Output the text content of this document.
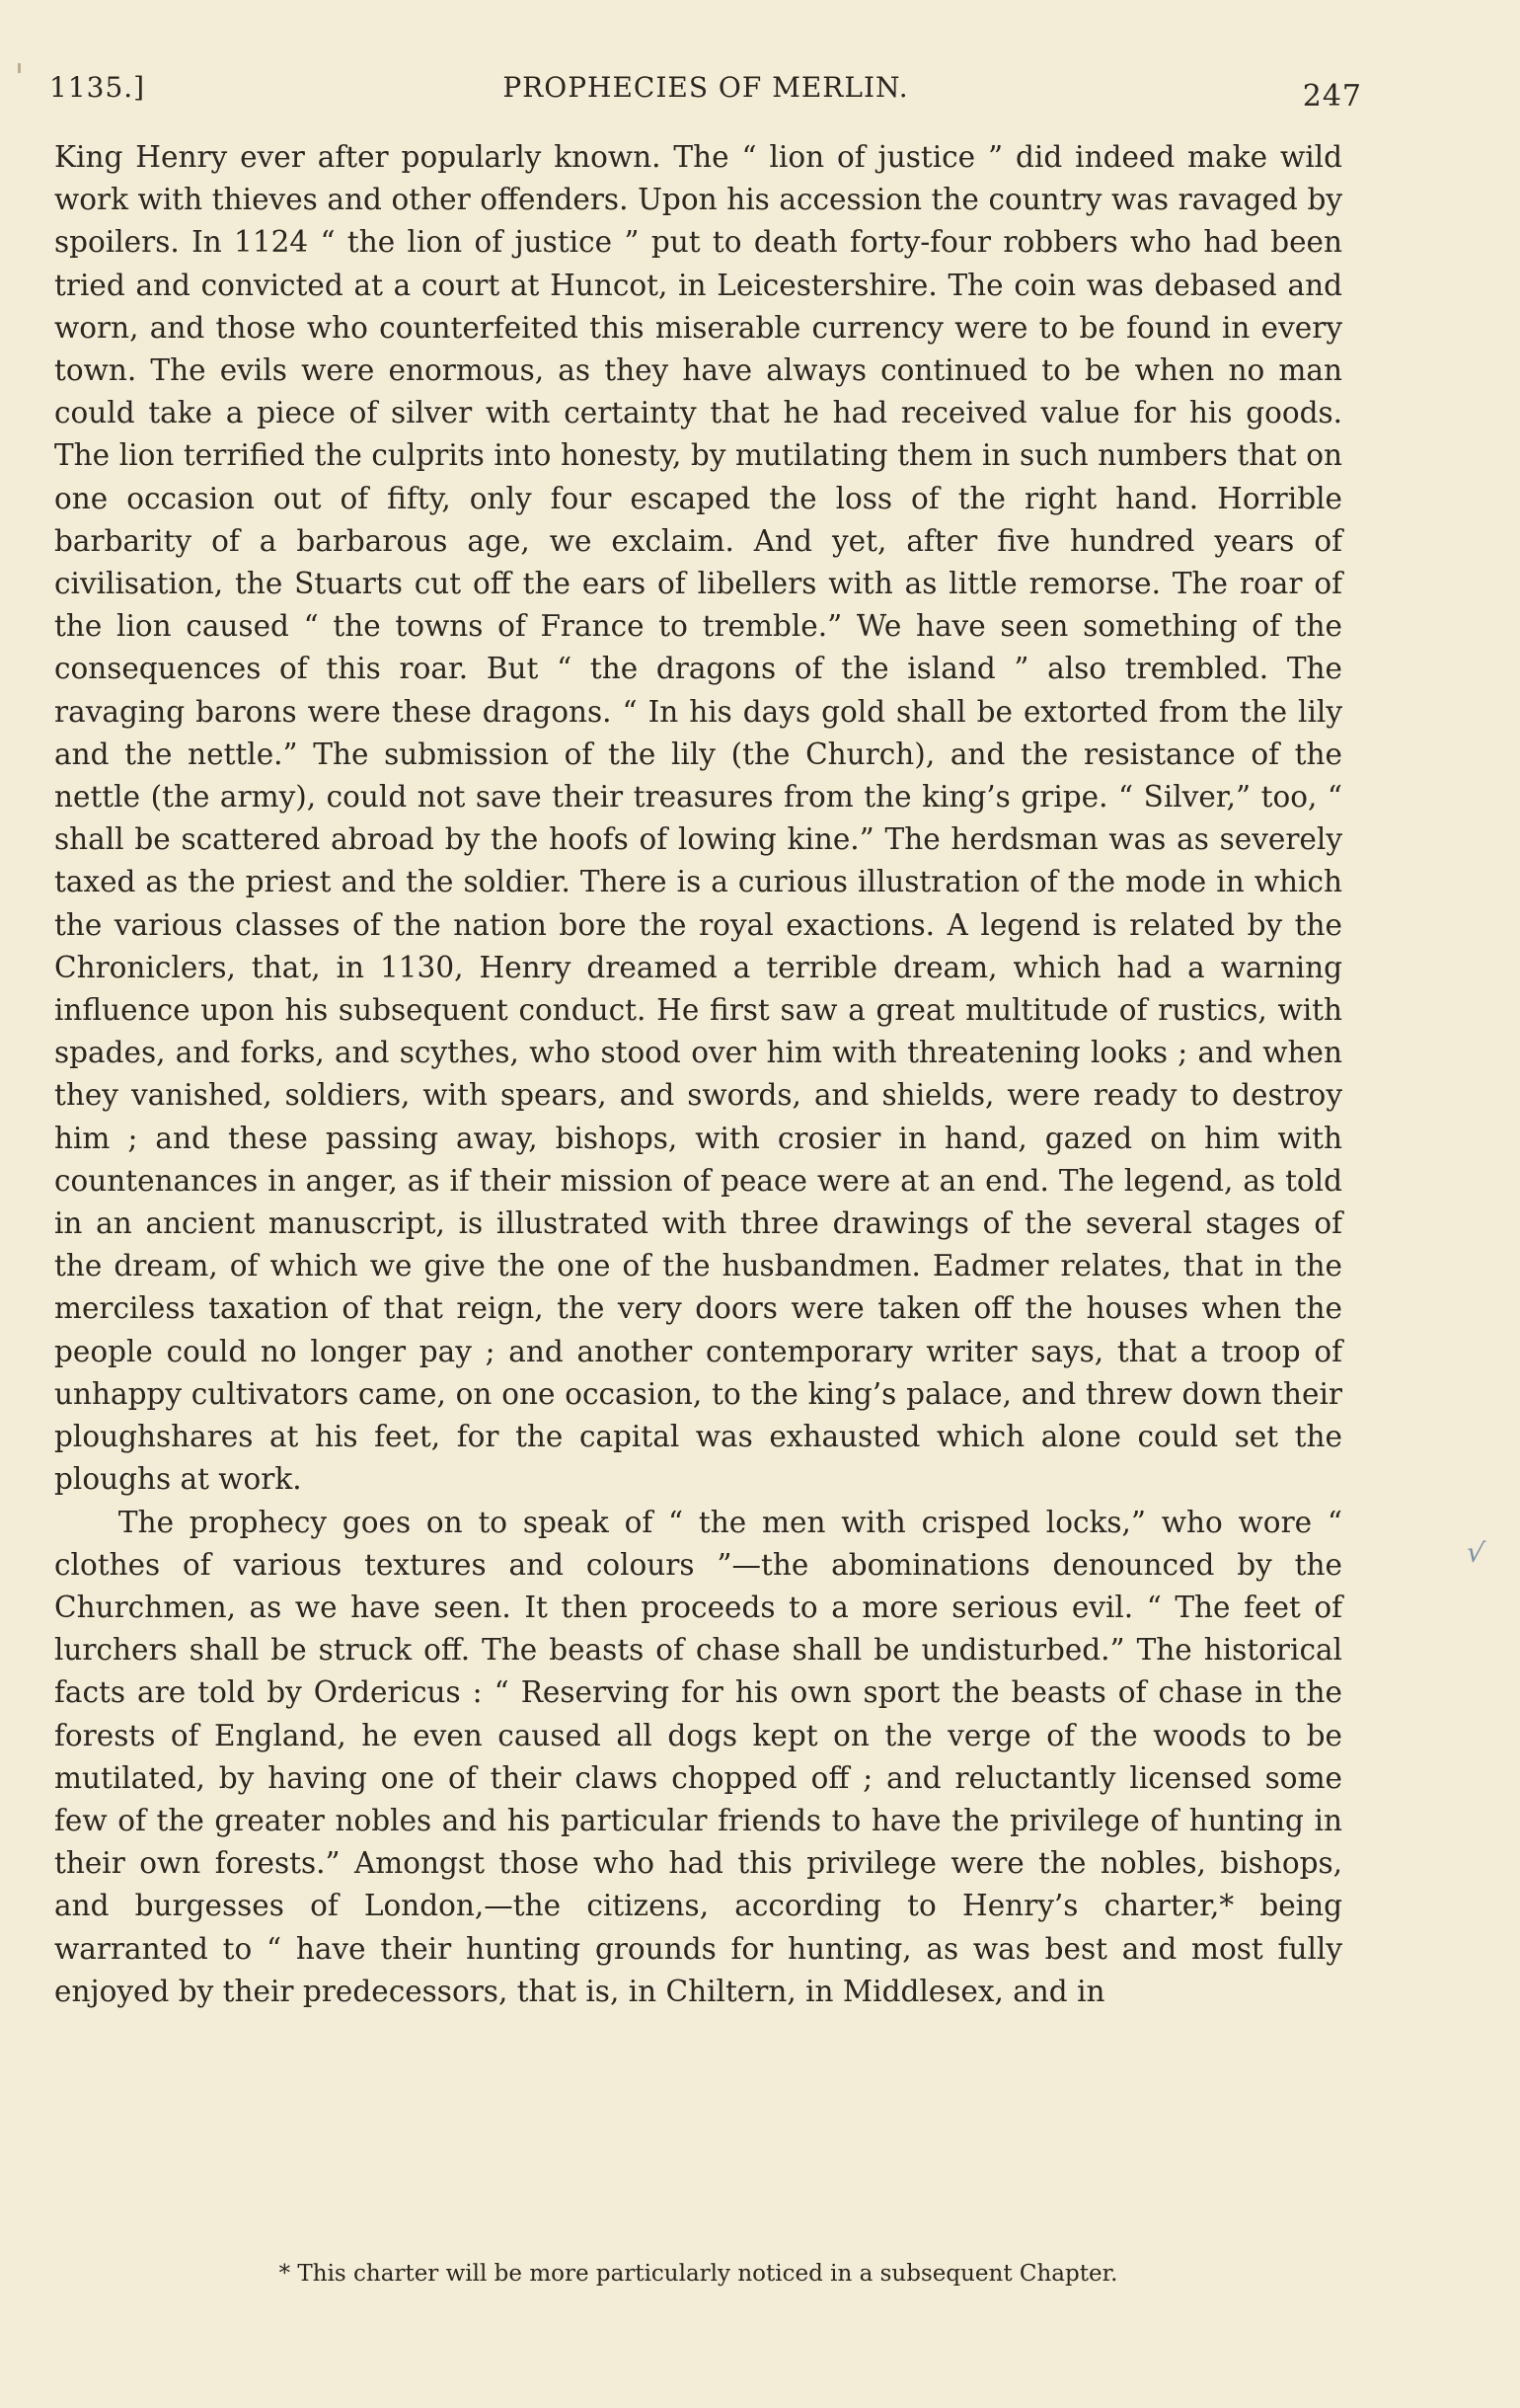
1135.]	PROPHECIES OF MERLIN.	247

King Henry ever after popularly known. The “ lion of justice ” did indeed make wild work with thieves and other offenders. Upon his accession the country was ravaged by spoilers. In 1124 “ the lion of justice ” put to death forty-four robbers who had been tried and convicted at a court at Huncot, in Leicestershire. The coin was debased and worn, and those who counterfeited this miserable currency were to be found in every town. The evils were enormous, as they have always continued to be when no man could take a piece of silver with certainty that he had received value for his goods. The lion terrified the culprits into honesty, by mutilating them in such numbers that on one occasion out of fifty, only four escaped the loss of the right hand. Horrible barbarity of a barbarous age, we exclaim. And yet, after five hundred years of civilisation, the Stuarts cut off the ears of libellers with as little remorse. The roar of the lion caused “ the towns of France to tremble.” We have seen something of the consequences of this roar. But “ the dragons of the island ” also trembled. The ravaging barons were these dragons. “ In his days gold shall be extorted from the lily and the nettle.” The submission of the lily (the Church), and the resistance of the nettle (the army), could not save their treasures from the king’s gripe. “ Silver,” too, “ shall be scattered abroad by the hoofs of lowing kine.” The herdsman was as severely taxed as the priest and the soldier. There is a curious illustration of the mode in which the various classes of the nation bore the royal exactions. A legend is related by the Chroniclers, that, in 1130, Henry dreamed a terrible dream, which had a warning influence upon his subsequent conduct. He first saw a great multitude of rustics, with spades, and forks, and scythes, who stood over him with threatening looks ; and when they vanished, soldiers, with spears, and swords, and shields, were ready to destroy him ; and these passing away, bishops, with crosier in hand, gazed on him with countenances in anger, as if their mission of peace were at an end. The legend, as told in an ancient manuscript, is illustrated with three drawings of the several stages of the dream, of which we give the one of the husbandmen. Eadmer relates, that in the merciless taxation of that reign, the very doors were taken off the houses when the people could no longer pay ; and another contemporary writer says, that a troop of unhappy cultivators came, on one occasion, to the king’s palace, and threw down their ploughshares at his feet, for the capital was exhausted which alone could set the ploughs at work.

The prophecy goes on to speak of “ the men with crisped locks,” who wore “ clothes of various textures and colours ”—the abominations denounced by the Churchmen, as we have seen. It then proceeds to a more serious evil. “ The feet of lurchers shall be struck off. The beasts of chase shall be undisturbed.” The historical facts are told by Ordericus : “ Reserving for his own sport the beasts of chase in the forests of England, he even caused all dogs kept on the verge of the woods to be mutilated, by having one of their claws chopped off ; and reluctantly licensed some few of the greater nobles and his particular friends to have the privilege of hunting in their own forests.” Amongst those who had this privilege were the nobles, bishops, and burgesses of London,—the citizens, according to Henry’s charter,* being warranted to “ have their hunting grounds for hunting, as was best and most fully enjoyed by their predecessors, that is, in Chiltern, in Middlesex, and in

* This charter will be more particularly noticed in a subsequent Chapter.
√
